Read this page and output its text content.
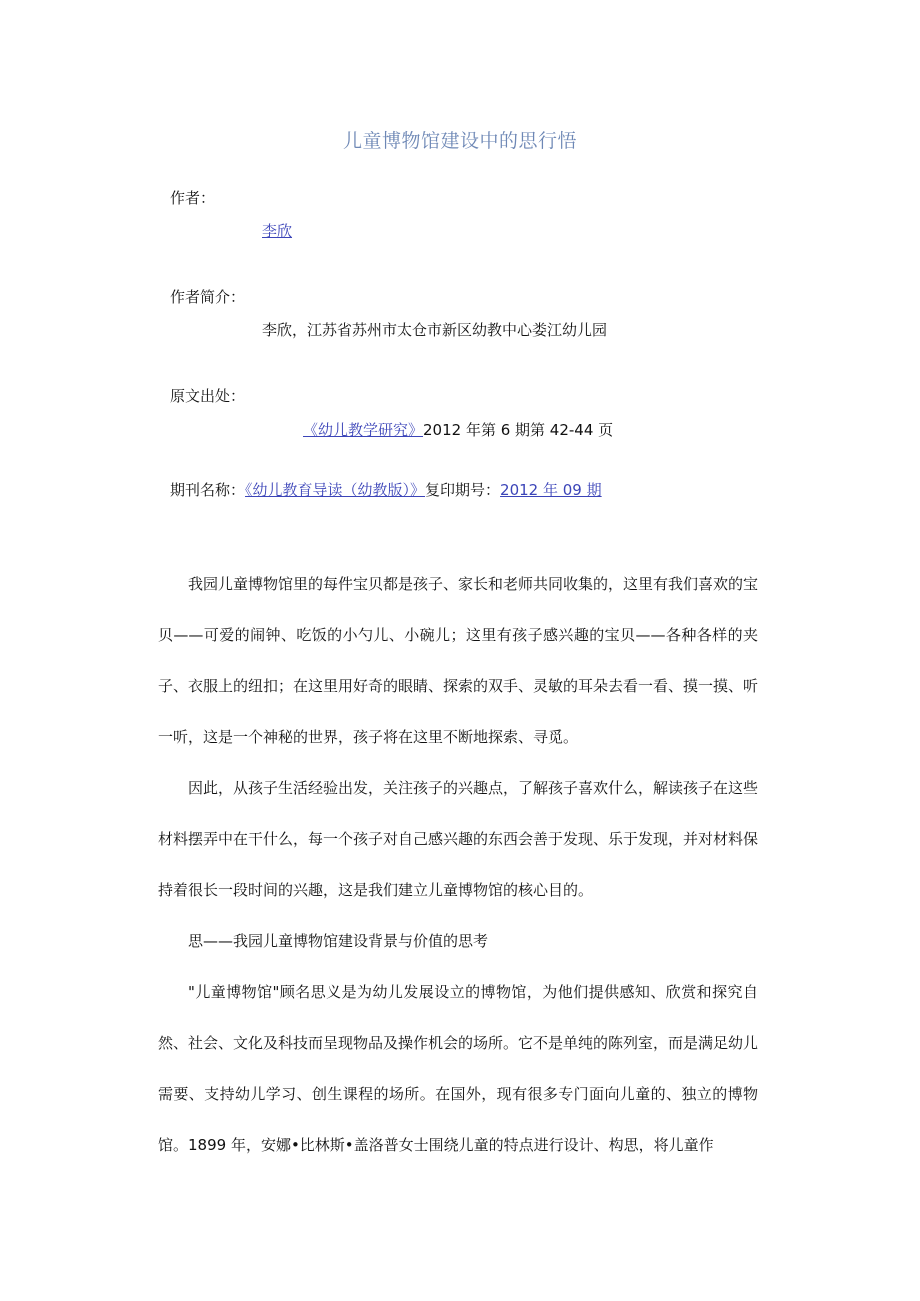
儿童博物馆建设中的思行悟
作者：
李欣
作者简介：
李欣，江苏省苏州市太仓市新区幼教中心娄江幼儿园
原文出处：
《幼儿教学研究》2012 年第 6 期第 42-44 页
期刊名称：《幼儿教育导读（幼教版）》复印期号：2012 年 09 期

我园儿童博物馆里的每件宝贝都是孩子、家长和老师共同收集的，这里有我们喜欢的宝贝——可爱的闹钟、吃饭的小勺儿、小碗儿；这里有孩子感兴趣的宝贝——各种各样的夹子、衣服上的纽扣；在这里用好奇的眼睛、探索的双手、灵敏的耳朵去看一看、摸一摸、听一听，这是一个神秘的世界，孩子将在这里不断地探索、寻觅。

因此，从孩子生活经验出发，关注孩子的兴趣点，了解孩子喜欢什么，解读孩子在这些材料摆弄中在干什么，每一个孩子对自己感兴趣的东西会善于发现、乐于发现，并对材料保持着很长一段时间的兴趣，这是我们建立儿童博物馆的核心目的。

思——我园儿童博物馆建设背景与价值的思考

"儿童博物馆"顾名思义是为幼儿发展设立的博物馆，为他们提供感知、欣赏和探究自然、社会、文化及科技而呈现物品及操作机会的场所。它不是单纯的陈列室，而是满足幼儿需要、支持幼儿学习、创生课程的场所。在国外，现有很多专门面向儿童的、独立的博物馆。1899 年，安娜•比林斯•盖洛普女士围绕儿童的特点进行设计、构思，将儿童作
